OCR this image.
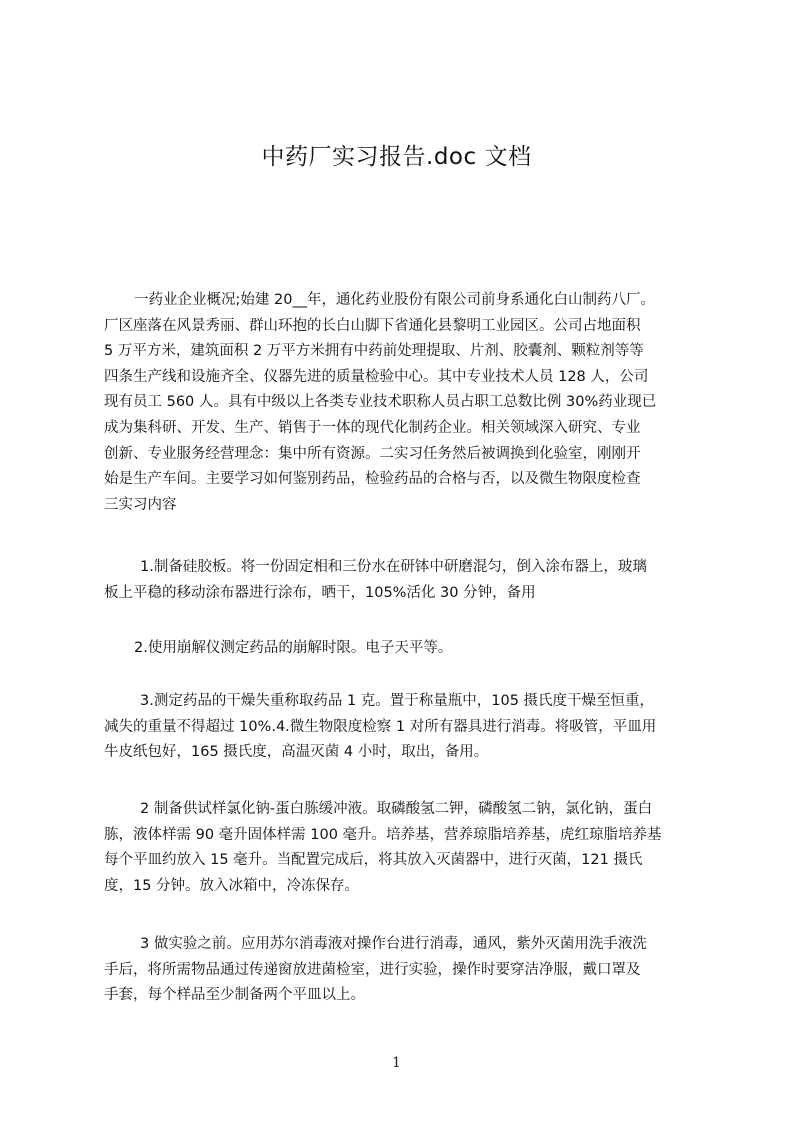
中药厂实习报告.doc 文档
一药业企业概况;始建 20__年，通化药业股份有限公司前身系通化白山制药八厂。
厂区座落在风景秀丽、群山环抱的长白山脚下省通化县黎明工业园区。公司占地面积
5 万平方米，建筑面积 2 万平方米拥有中药前处理提取、片剂、胶囊剂、颗粒剂等等
四条生产线和设施齐全、仪器先进的质量检验中心。其中专业技术人员 128 人，公司
现有员工 560 人。具有中级以上各类专业技术职称人员占职工总数比例 30%药业现已
成为集科研、开发、生产、销售于一体的现代化制药企业。相关领域深入研究、专业
创新、专业服务经营理念：集中所有资源。二实习任务然后被调换到化验室，刚刚开
始是生产车间。主要学习如何鉴别药品，检验药品的合格与否，以及微生物限度检查
三实习内容
1.制备硅胶板。将一份固定相和三份水在研钵中研磨混匀，倒入涂布器上，玻璃
板上平稳的移动涂布器进行涂布，晒干，105%活化 30 分钟，备用
2.使用崩解仪测定药品的崩解时限。电子天平等。
3.测定药品的干燥失重称取药品 1 克。置于称量瓶中，105 摄氏度干燥至恒重，
减失的重量不得超过 10%.4.微生物限度检察 1 对所有器具进行消毒。将吸管，平皿用
牛皮纸包好，165 摄氏度，高温灭菌 4 小时，取出，备用。
2 制备供试样氯化钠-蛋白胨缓冲液。取磷酸氢二钾，磷酸氢二钠，氯化钠，蛋白
胨，液体样需 90 毫升固体样需 100 毫升。培养基，营养琼脂培养基，虎红琼脂培养基
每个平皿约放入 15 毫升。当配置完成后，将其放入灭菌器中，进行灭菌，121 摄氏
度，15 分钟。放入冰箱中，冷冻保存。
3 做实验之前。应用苏尔消毒液对操作台进行消毒，通风，紫外灭菌用洗手液洗
手后，将所需物品通过传递窗放进菌检室，进行实验，操作时要穿洁净服，戴口罩及
手套，每个样品至少制备两个平皿以上。
1
